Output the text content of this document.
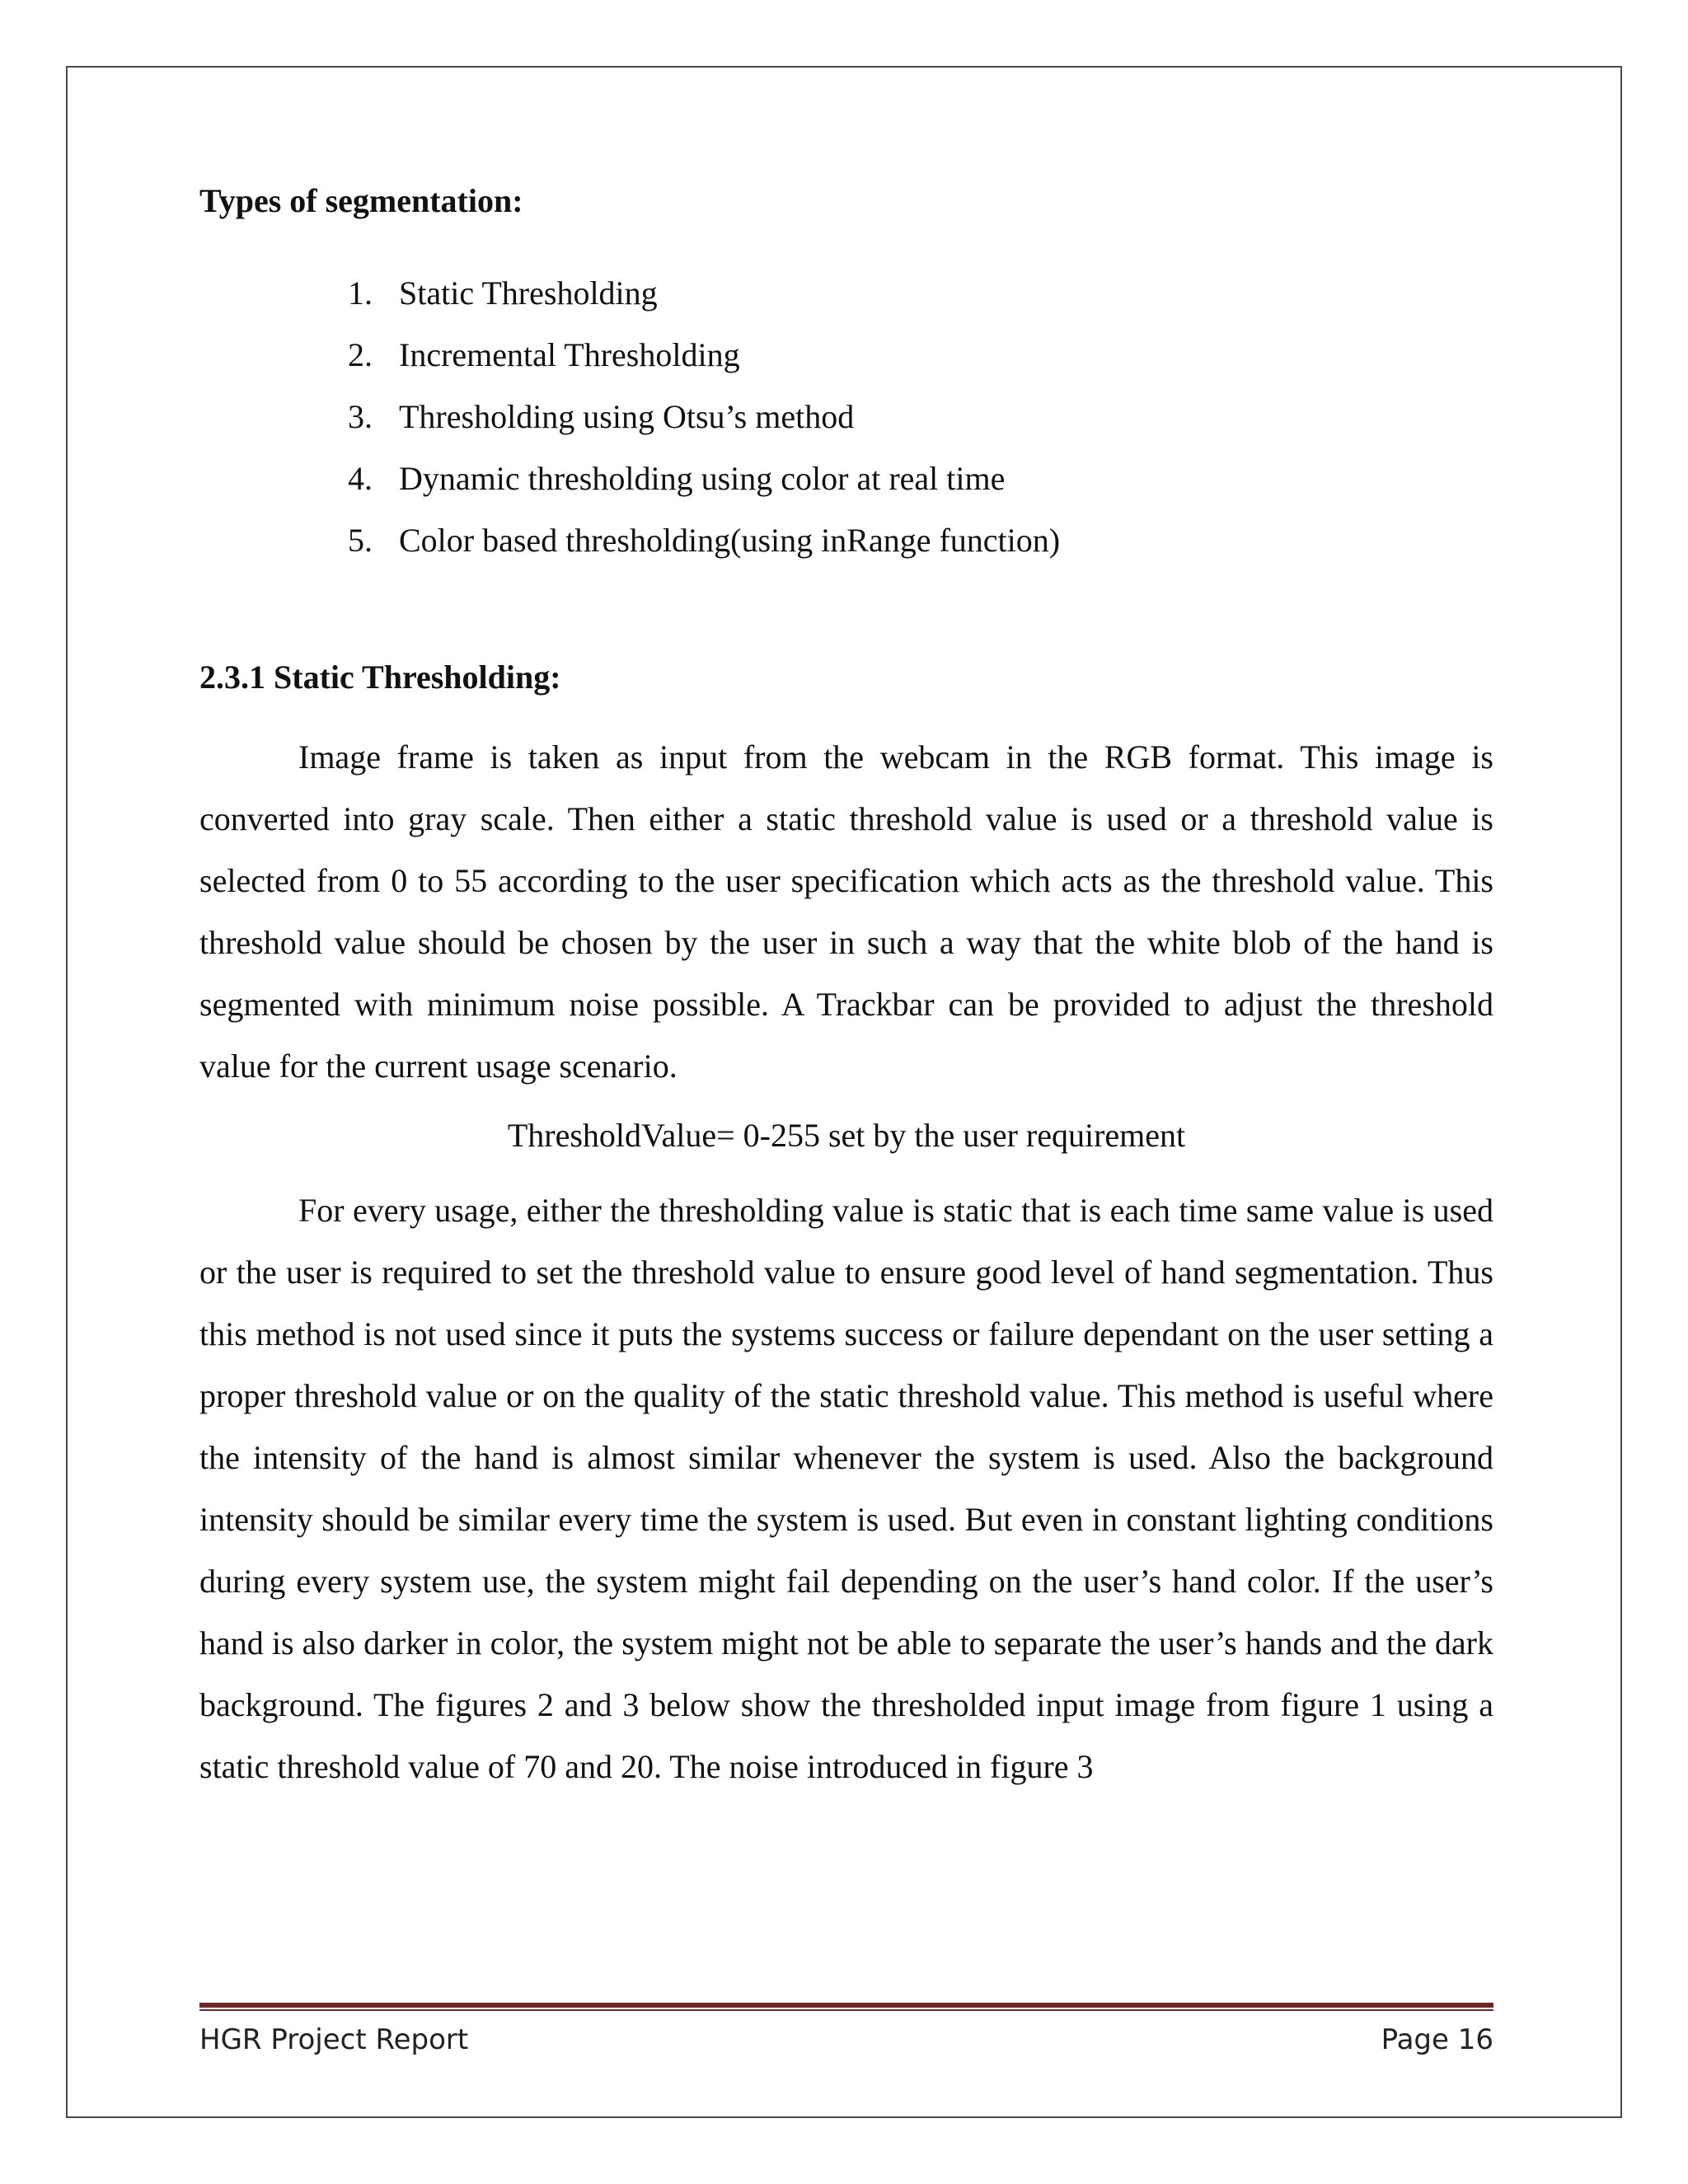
Types of segmentation:

1. Static Thresholding
2. Incremental Thresholding
3. Thresholding using Otsu’s method
4. Dynamic thresholding using color at real time
5. Color based thresholding(using inRange function)

2.3.1 Static Thresholding:

Image frame is taken as input from the webcam in the RGB format. This image is converted into gray scale. Then either a static threshold value is used or a threshold value is selected from 0 to 55 according to the user specification which acts as the threshold value. This threshold value should be chosen by the user in such a way that the white blob of the hand is segmented with minimum noise possible. A Trackbar can be provided to adjust the threshold value for the current usage scenario.

ThresholdValue= 0-255 set by the user requirement

For every usage, either the thresholding value is static that is each time same value is used or the user is required to set the threshold value to ensure good level of hand segmentation. Thus this method is not used since it puts the systems success or failure dependant on the user setting a proper threshold value or on the quality of the static threshold value. This method is useful where the intensity of the hand is almost similar whenever the system is used. Also the background intensity should be similar every time the system is used. But even in constant lighting conditions during every system use, the system might fail depending on the user’s hand color. If the user’s hand is also darker in color, the system might not be able to separate the user’s hands and the dark background. The figures 2 and 3 below show the thresholded input image from figure 1 using a static threshold value of 70 and 20. The noise introduced in figure 3

HGR Project Report	Page 16
